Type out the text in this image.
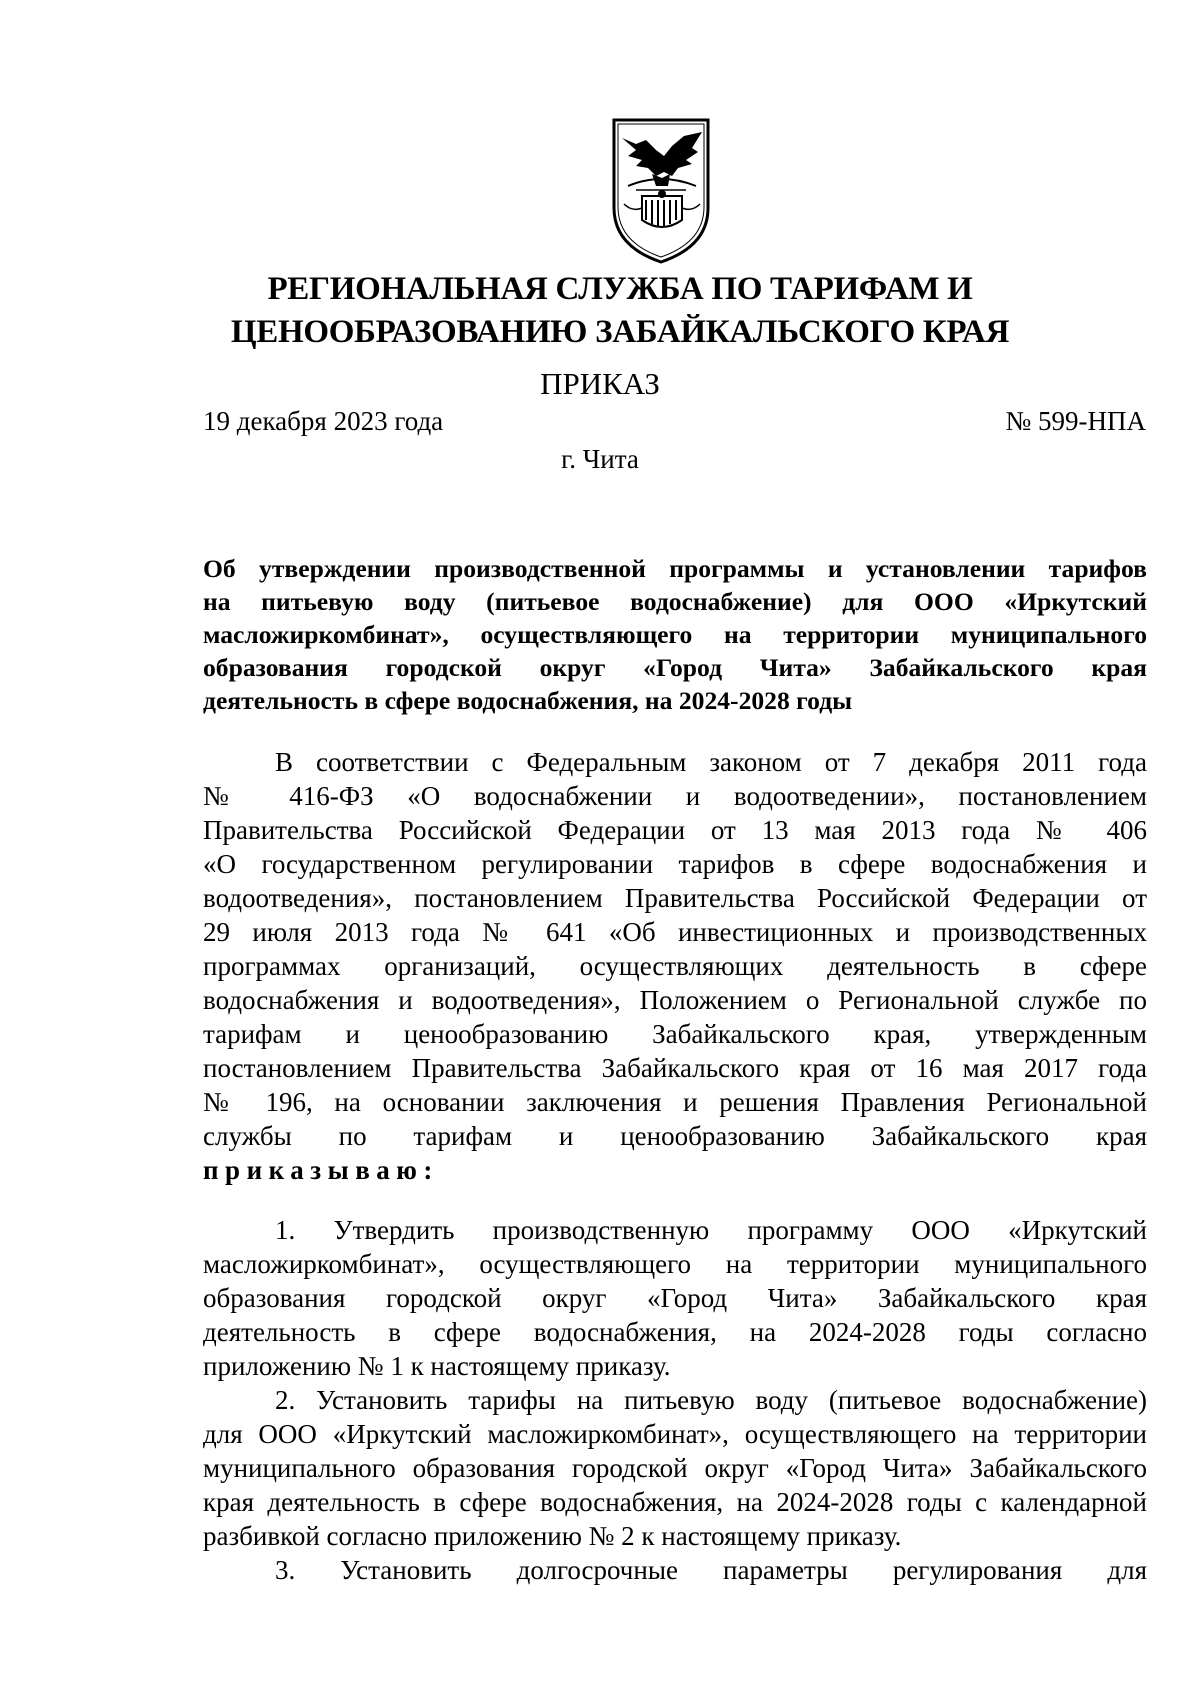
РЕГИОНАЛЬНАЯ СЛУЖБА ПО ТАРИФАМ И
ЦЕНООБРАЗОВАНИЮ ЗАБАЙКАЛЬСКОГО КРАЯ
ПРИКАЗ
19 декабря 2023 года	№ 599-НПА
г. Чита
Об утверждении производственной программы и установлении тарифов
на питьевую воду (питьевое водоснабжение) для ООО «Иркутский
масложиркомбинат», осуществляющего на территории муниципального
образования городской округ «Город Чита» Забайкальского края
деятельность в сфере водоснабжения, на 2024-2028 годы
В соответствии с Федеральным законом от 7 декабря 2011 года
№ 416-ФЗ «О водоснабжении и водоотведении», постановлением
Правительства Российской Федерации от 13 мая 2013 года № 406
«О государственном регулировании тарифов в сфере водоснабжения и
водоотведения», постановлением Правительства Российской Федерации от
29 июля 2013 года № 641 «Об инвестиционных и производственных
программах организаций, осуществляющих деятельность в сфере
водоснабжения и водоотведения», Положением о Региональной службе по
тарифам и ценообразованию Забайкальского края, утвержденным
постановлением Правительства Забайкальского края от 16 мая 2017 года
№ 196, на основании заключения и решения Правления Региональной
службы по тарифам и ценообразованию Забайкальского края
приказываю:
1. Утвердить производственную программу ООО «Иркутский
масложиркомбинат», осуществляющего на территории муниципального
образования городской округ «Город Чита» Забайкальского края
деятельность в сфере водоснабжения, на 2024-2028 годы согласно
приложению № 1 к настоящему приказу.
2. Установить тарифы на питьевую воду (питьевое водоснабжение)
для ООО «Иркутский масложиркомбинат», осуществляющего на территории
муниципального образования городской округ «Город Чита» Забайкальского
края деятельность в сфере водоснабжения, на 2024-2028 годы с календарной
разбивкой согласно приложению № 2 к настоящему приказу.
3. Установить долгосрочные параметры регулирования для
